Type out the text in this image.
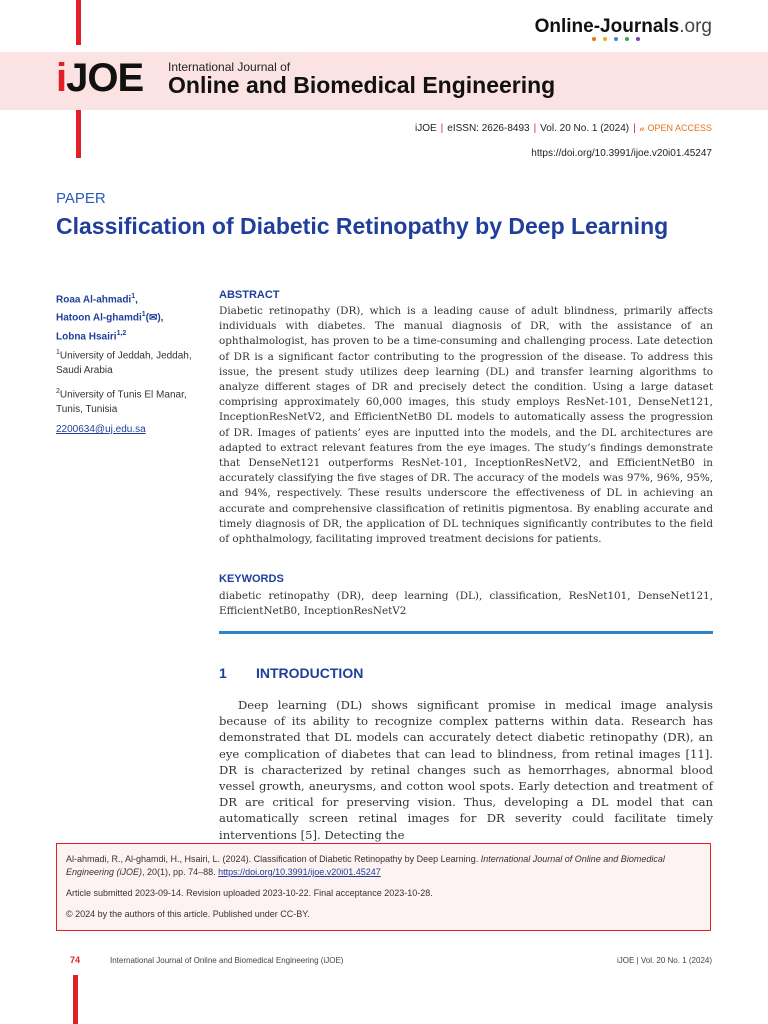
Online-Journals.org
iJOE International Journal of
Online and Biomedical Engineering
iJOE | eISSN: 2626-8493 | Vol. 20 No. 1 (2024) | 𝒶︎ OPEN ACCESS
https://doi.org/10.3991/ijoe.v20i01.45247
PAPER
Classification of Diabetic Retinopathy by Deep Learning
Roaa Al-ahmadi$^1$,
Hatoon Al-ghamdi$^1$(✉),
Lobna Hsairi$^{1,2}$
$^1$University of Jeddah, Jeddah, Saudi Arabia
$^2$University of Tunis El Manar, Tunis, Tunisia
2200634@uj.edu.sa
ABSTRACT

Diabetic retinopathy (DR), which is a leading cause of adult blindness, primarily affects individuals with diabetes. The manual diagnosis of DR, with the assistance of an ophthalmologist, has proven to be a time-consuming and challenging process. Late detection of DR is a significant factor contributing to the progression of the disease. To address this issue, the present study utilizes deep learning (DL) and transfer learning algorithms to analyze different stages of DR and precisely detect the condition. Using a large dataset comprising approximately 60,000 images, this study employs ResNet-101, DenseNet121, InceptionResNetV2, and EfficientNetB0 DL models to automatically assess the progression of DR. Images of patients’ eyes are inputted into the models, and the DL architectures are adapted to extract relevant features from the eye images. The study’s findings demonstrate that DenseNet121 outperforms ResNet-101, InceptionResNetV2, and EfficientNetB0 in accurately classifying the five stages of DR. The accuracy of the models was 97%, 96%, 95%, and 94%, respectively. These results underscore the effectiveness of DL in achieving an accurate and comprehensive classification of retinitis pigmentosa. By enabling accurate and timely diagnosis of DR, the application of DL techniques significantly contributes to the field of ophthalmology, facilitating improved treatment decisions for patients.

KEYWORDS

diabetic retinopathy (DR), deep learning (DL), classification, ResNet101, DenseNet121, EfficientNetB0, InceptionResNetV2

1 INTRODUCTION

Deep learning (DL) shows significant promise in medical image analysis because of its ability to recognize complex patterns within data. Research has demonstrated that DL models can accurately detect diabetic retinopathy (DR), an eye complication of diabetes that can lead to blindness, from retinal images [11]. DR is characterized by retinal changes such as hemorrhages, abnormal blood vessel growth, aneurysms, and cotton wool spots. Early detection and treatment of DR are critical for preserving vision. Thus, developing a DL model that can automatically screen retinal images for DR severity could facilitate timely interventions [5]. Detecting the

Al-ahmadi, R., Al-ghamdi, H., Hsairi, L. (2024). Classification of Diabetic Retinopathy by Deep Learning. International Journal of Online and Biomedical Engineering (iJOE), 20(1), pp. 74–88. https://doi.org/10.3991/ijoe.v20i01.45247

Article submitted 2023-09-14. Revision uploaded 2023-10-22. Final acceptance 2023-10-28.

© 2024 by the authors of this article. Published under CC-BY.

74	International Journal of Online and Biomedical Engineering (iJOE)	iJOE | Vol. 20 No. 1 (2024)
